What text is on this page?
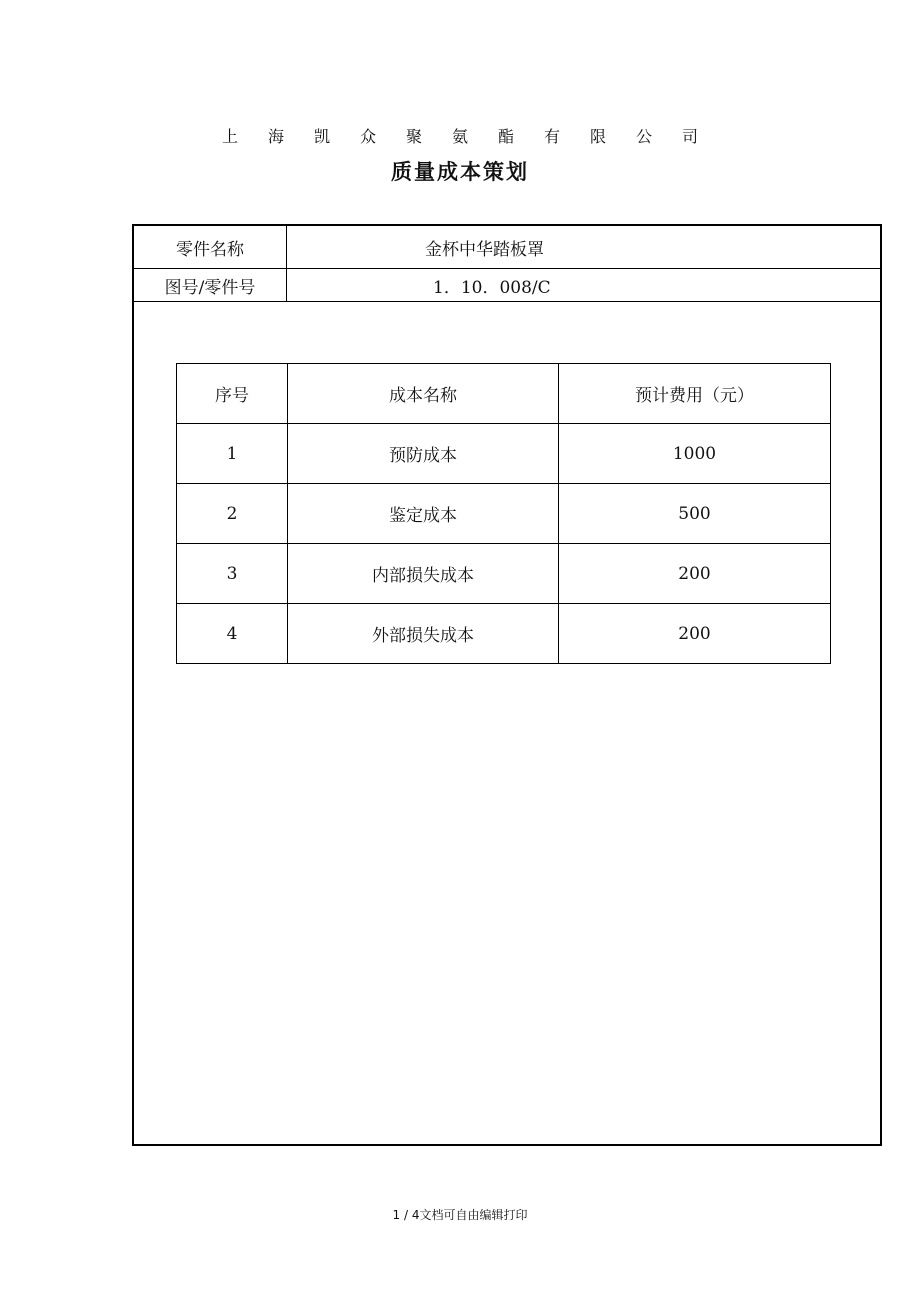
上海凯众聚氨酯有限公司
质量成本策划
零件名称	金杯中华踏板罩
图号/零件号	1．10．008/C
序号	成本名称	预计费用（元）
1	预防成本	1000
2	鉴定成本	500
3	内部损失成本	200
4	外部损失成本	200
1 / 4文档可自由编辑打印
